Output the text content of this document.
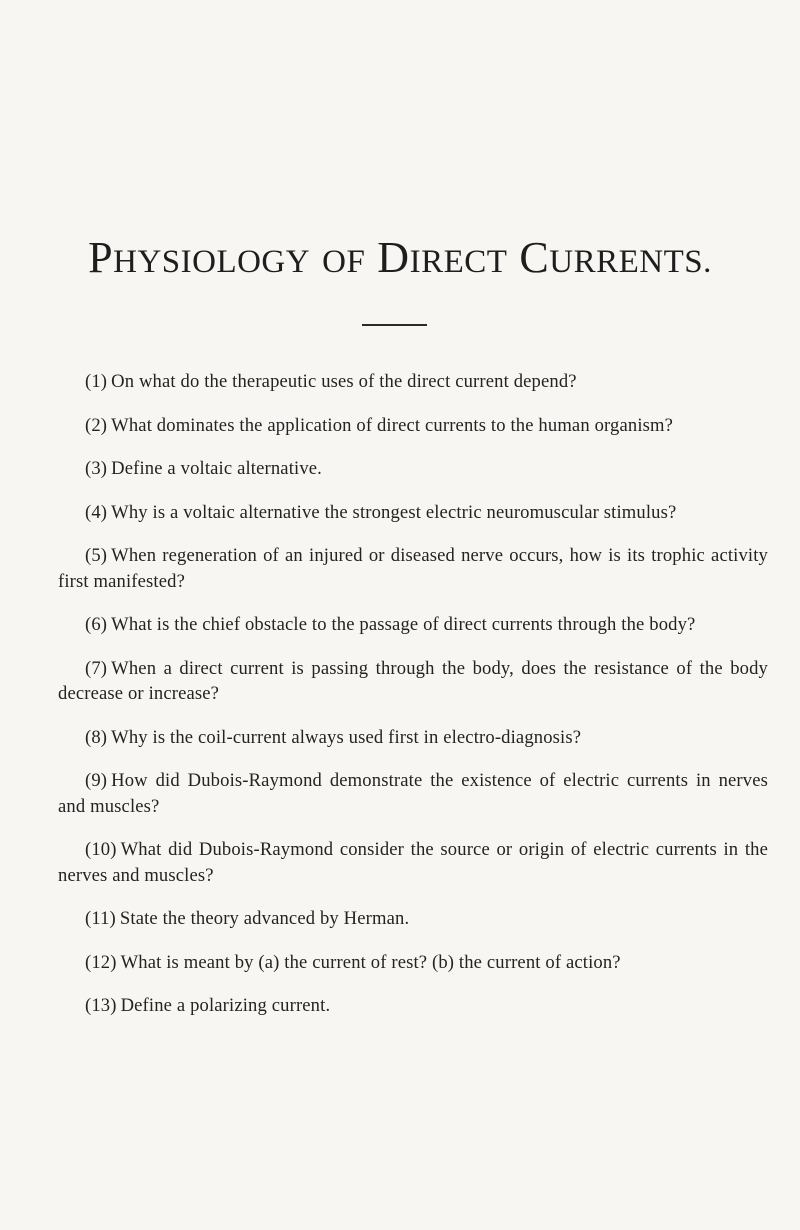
PHYSIOLOGY OF DIRECT CURRENTS.
(1) On what do the therapeutic uses of the direct current depend?
(2) What dominates the application of direct currents to the human organism?
(3) Define a voltaic alternative.
(4) Why is a voltaic alternative the strongest electric neuromuscular stimulus?
(5) When regeneration of an injured or diseased nerve occurs, how is its trophic activity first manifested?
(6) What is the chief obstacle to the passage of direct currents through the body?
(7) When a direct current is passing through the body, does the resistance of the body decrease or increase?
(8) Why is the coil-current always used first in electro-diagnosis?
(9) How did Dubois-Raymond demonstrate the existence of electric currents in nerves and muscles?
(10) What did Dubois-Raymond consider the source or origin of electric currents in the nerves and muscles?
(11) State the theory advanced by Herman.
(12) What is meant by (a) the current of rest? (b) the current of action?
(13) Define a polarizing current.
